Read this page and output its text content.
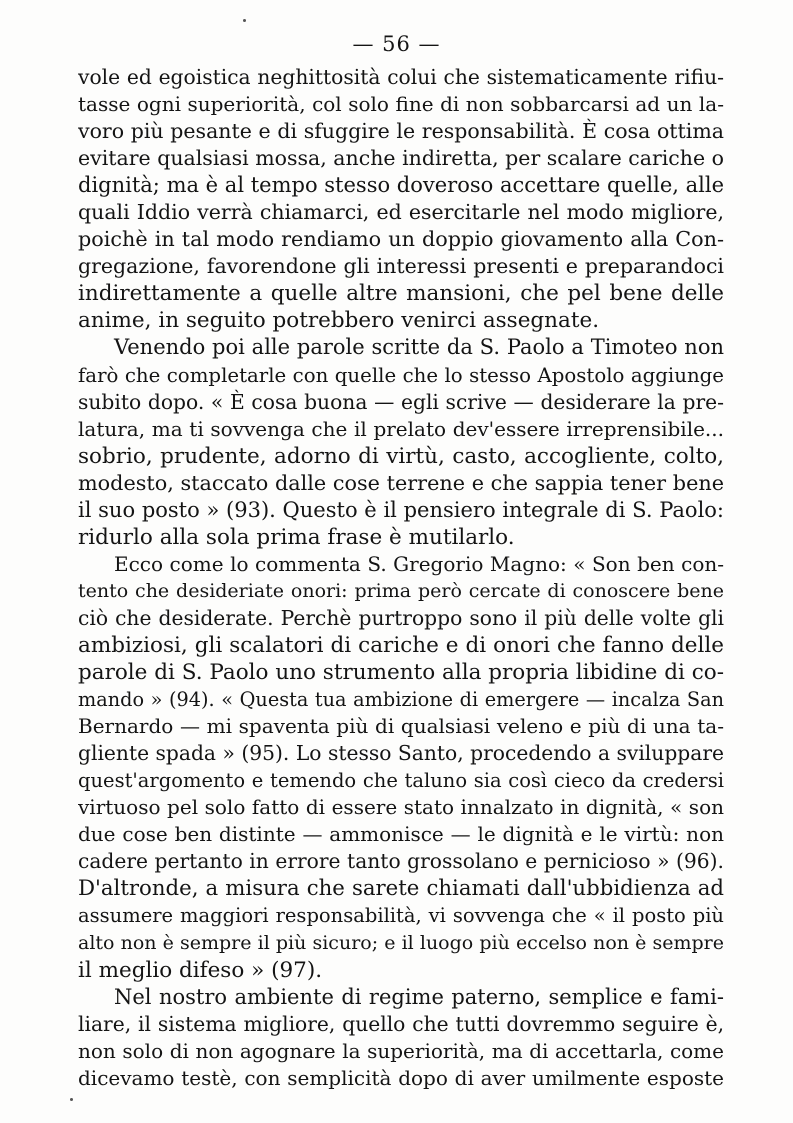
— 56 —
vole ed egoistica neghittosità colui che sistematicamente rifiu-
tasse ogni superiorità, col solo fine di non sobbarcarsi ad un la-
voro più pesante e di sfuggire le responsabilità. È cosa ottima
evitare qualsiasi mossa, anche indiretta, per scalare cariche o
dignità; ma è al tempo stesso doveroso accettare quelle, alle
quali Iddio verrà chiamarci, ed esercitarle nel modo migliore,
poichè in tal modo rendiamo un doppio giovamento alla Con-
gregazione, favorendone gli interessi presenti e preparandoci
indirettamente a quelle altre mansioni, che pel bene delle
anime, in seguito potrebbero venirci assegnate.
Venendo poi alle parole scritte da S. Paolo a Timoteo non
farò che completarle con quelle che lo stesso Apostolo aggiunge
subito dopo. « È cosa buona — egli scrive — desiderare la pre-
latura, ma ti sovvenga che il prelato dev'essere irreprensibile...
sobrio, prudente, adorno di virtù, casto, accogliente, colto,
modesto, staccato dalle cose terrene e che sappia tener bene
il suo posto » (93). Questo è il pensiero integrale di S. Paolo:
ridurlo alla sola prima frase è mutilarlo.
Ecco come lo commenta S. Gregorio Magno: « Son ben con-
tento che desideriate onori: prima però cercate di conoscere bene
ciò che desiderate. Perchè purtroppo sono il più delle volte gli
ambiziosi, gli scalatori di cariche e di onori che fanno delle
parole di S. Paolo uno strumento alla propria libidine di co-
mando » (94). « Questa tua ambizione di emergere — incalza San
Bernardo — mi spaventa più di qualsiasi veleno e più di una ta-
gliente spada » (95). Lo stesso Santo, procedendo a sviluppare
quest'argomento e temendo che taluno sia così cieco da credersi
virtuoso pel solo fatto di essere stato innalzato in dignità, « son
due cose ben distinte — ammonisce — le dignità e le virtù: non
cadere pertanto in errore tanto grossolano e pernicioso » (96).
D'altronde, a misura che sarete chiamati dall'ubbidienza ad
assumere maggiori responsabilità, vi sovvenga che « il posto più
alto non è sempre il più sicuro; e il luogo più eccelso non è sempre
il meglio difeso » (97).
Nel nostro ambiente di regime paterno, semplice e fami-
liare, il sistema migliore, quello che tutti dovremmo seguire è,
non solo di non agognare la superiorità, ma di accettarla, come
dicevamo testè, con semplicità dopo di aver umilmente esposte
